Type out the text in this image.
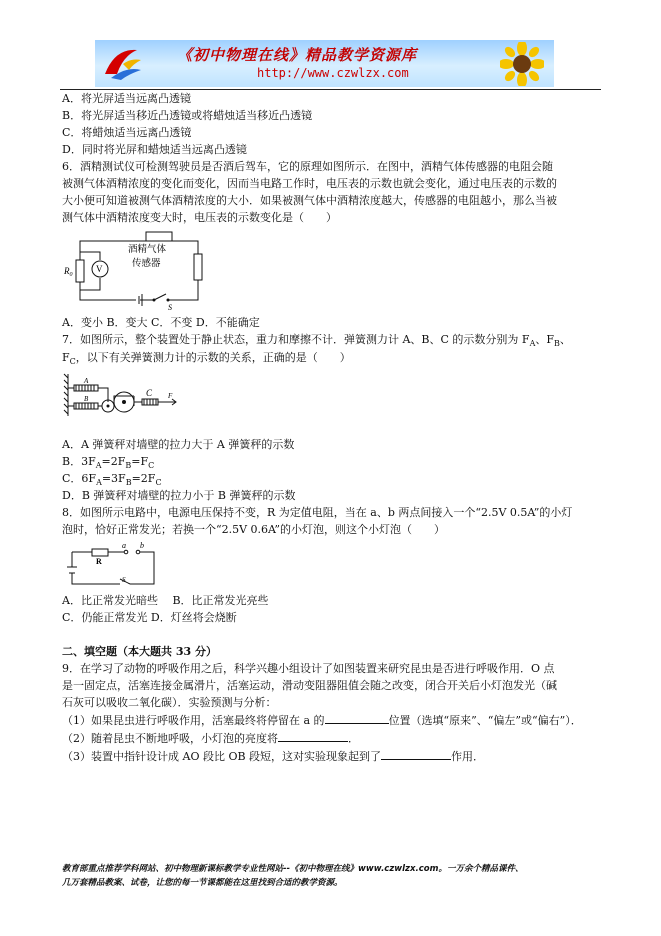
《初中物理在线》精品教学资源库
http://www.czwlzx.com
A．将光屏适当远离凸透镜
B．将光屏适当移近凸透镜或将蜡烛适当移近凸透镜
C．将蜡烛适当远离凸透镜
D．同时将光屏和蜡烛适当远离凸透镜
6．酒精测试仪可检测驾驶员是否酒后驾车，它的原理如图所示．在图中，酒精气体传感器的电阻会随
被测气体酒精浓度的变化而变化，因而当电路工作时，电压表的示数也就会变化，通过电压表的示数的
大小便可知道被测气体酒精浓度的大小．如果被测气体中酒精浓度越大，传感器的电阻越小，那么当被
测气体中酒精浓度变大时，电压表的示数变化是（　　）
V
$R_0$
酒精气体
传感器
S
A．变小 B．变大 C．不变 D．不能确定
7．如图所示，整个装置处于静止状态，重力和摩擦不计．弹簧测力计 A、B、C 的示数分别为 $F_A$、$F_B$、
$F_C$，以下有关弹簧测力计的示数的关系，正确的是（　　）
A
B
C F
A．A 弹簧秤对墙壁的拉力大于 A 弹簧秤的示数
B．$3F_A=2F_B=F_C$
C．$6F_A=3F_B=2F_C$
D．B 弹簧秤对墙壁的拉力小于 B 弹簧秤的示数
8．如图所示电路中，电源电压保持不变，R 为定值电阻，当在 a、b 两点间接入一个“2.5V 0.5A”的小灯
泡时，恰好正常发光；若换一个“2.5V 0.6A”的小灯泡，则这个小灯泡（　　）
R
a b
S
A．比正常发光暗些　 B．比正常发光亮些
C．仍能正常发光 D．灯丝将会烧断
二、填空题（本大题共 33 分）
9．在学习了动物的呼吸作用之后，科学兴趣小组设计了如图装置来研究昆虫是否进行呼吸作用．O 点
是一固定点，活塞连接金属滑片，活塞运动，滑动变阻器阻值会随之改变，闭合开关后小灯泡发光（碱
石灰可以吸收二氧化碳）．实验预测与分析：
（1）如果昆虫进行呼吸作用，活塞最终将停留在 a 的	位置（选填“原来”、“偏左”或“偏右”）．
（2）随着昆虫不断地呼吸，小灯泡的亮度将	．
（3）装置中指针设计成 AO 段比 OB 段短，这对实验现象起到了	作用．
教育部重点推荐学科网站、初中物理新课标教学专业性网站--《初中物理在线》www.czwlzx.com。一万余个精品课件、
几万套精品教案、试卷，让您的每一节课都能在这里找到合适的教学资源。
